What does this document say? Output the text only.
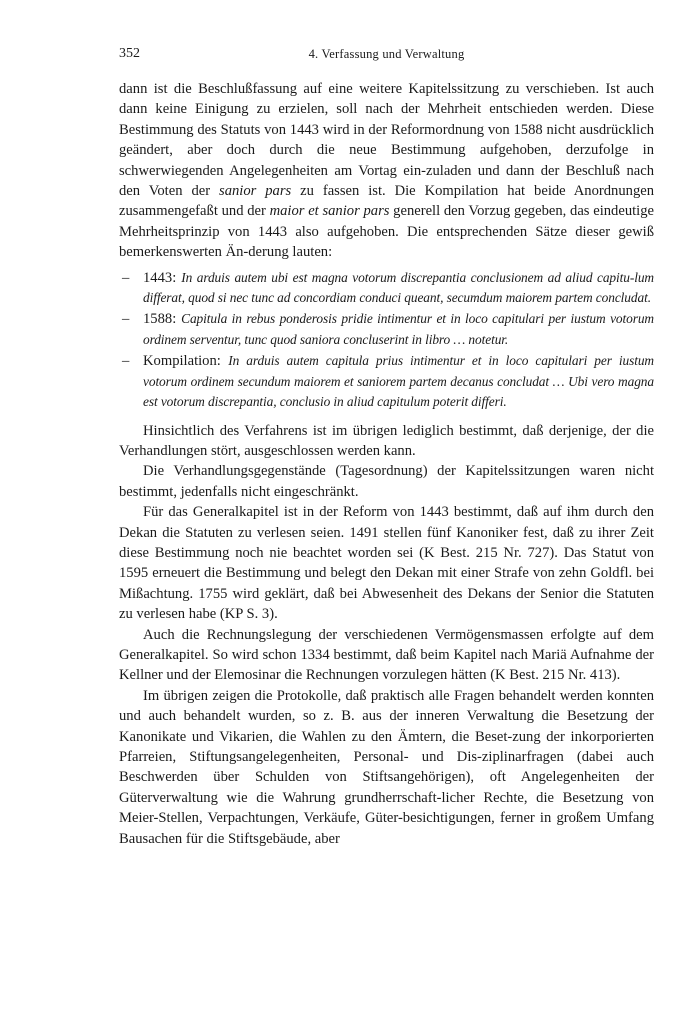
352	4. Verfassung und Verwaltung

dann ist die Beschlußfassung auf eine weitere Kapitelssitzung zu verschieben. Ist auch dann keine Einigung zu erzielen, soll nach der Mehrheit entschieden werden. Diese Bestimmung des Statuts von 1443 wird in der Reformordnung von 1588 nicht ausdrücklich geändert, aber doch durch die neue Bestimmung aufgehoben, derzufolge in schwerwiegenden Angelegenheiten am Vortag ein-zuladen und dann der Beschluß nach den Voten der sanior pars zu fassen ist. Die Kompilation hat beide Anordnungen zusammengefaßt und der maior et sanior pars generell den Vorzug gegeben, das eindeutige Mehrheitsprinzip von 1443 also aufgehoben. Die entsprechenden Sätze dieser gewiß bemerkenswerten Än-derung lauten:

– 1443: In arduis autem ubi est magna votorum discrepantia conclusionem ad aliud capitu-lum differat, quod si nec tunc ad concordiam conduci queant, secumdum maiorem partem concludat.
– 1588: Capitula in rebus ponderosis pridie intimentur et in loco capitulari per iustum votorum ordinem serventur, tunc quod saniora concluserint in libro … notetur.
– Kompilation: In arduis autem capitula prius intimentur et in loco capitulari per iustum votorum ordinem secundum maiorem et saniorem partem decanus concludat … Ubi vero magna est votorum discrepantia, conclusio in aliud capitulum poterit differi.

Hinsichtlich des Verfahrens ist im übrigen lediglich bestimmt, daß derjenige, der die Verhandlungen stört, ausgeschlossen werden kann.

Die Verhandlungsgegenstände (Tagesordnung) der Kapitelssitzungen waren nicht bestimmt, jedenfalls nicht eingeschränkt.

Für das Generalkapitel ist in der Reform von 1443 bestimmt, daß auf ihm durch den Dekan die Statuten zu verlesen seien. 1491 stellen fünf Kanoniker fest, daß zu ihrer Zeit diese Bestimmung noch nie beachtet worden sei (K Best. 215 Nr. 727). Das Statut von 1595 erneuert die Bestimmung und belegt den Dekan mit einer Strafe von zehn Goldfl. bei Mißachtung. 1755 wird geklärt, daß bei Abwesenheit des Dekans der Senior die Statuten zu verlesen habe (KP S. 3).

Auch die Rechnungslegung der verschiedenen Vermögensmassen erfolgte auf dem Generalkapitel. So wird schon 1334 bestimmt, daß beim Kapitel nach Mariä Aufnahme der Kellner und der Elemosinar die Rechnungen vorzulegen hätten (K Best. 215 Nr. 413).

Im übrigen zeigen die Protokolle, daß praktisch alle Fragen behandelt werden konnten und auch behandelt wurden, so z. B. aus der inneren Verwaltung die Besetzung der Kanonikate und Vikarien, die Wahlen zu den Ämtern, die Beset-zung der inkorporierten Pfarreien, Stiftungsangelegenheiten, Personal- und Dis-ziplinarfragen (dabei auch Beschwerden über Schulden von Stiftsangehörigen), oft Angelegenheiten der Güterverwaltung wie die Wahrung grundherrschaft-licher Rechte, die Besetzung von Meier-Stellen, Verpachtungen, Verkäufe, Güter-besichtigungen, ferner in großem Umfang Bausachen für die Stiftsgebäude, aber
